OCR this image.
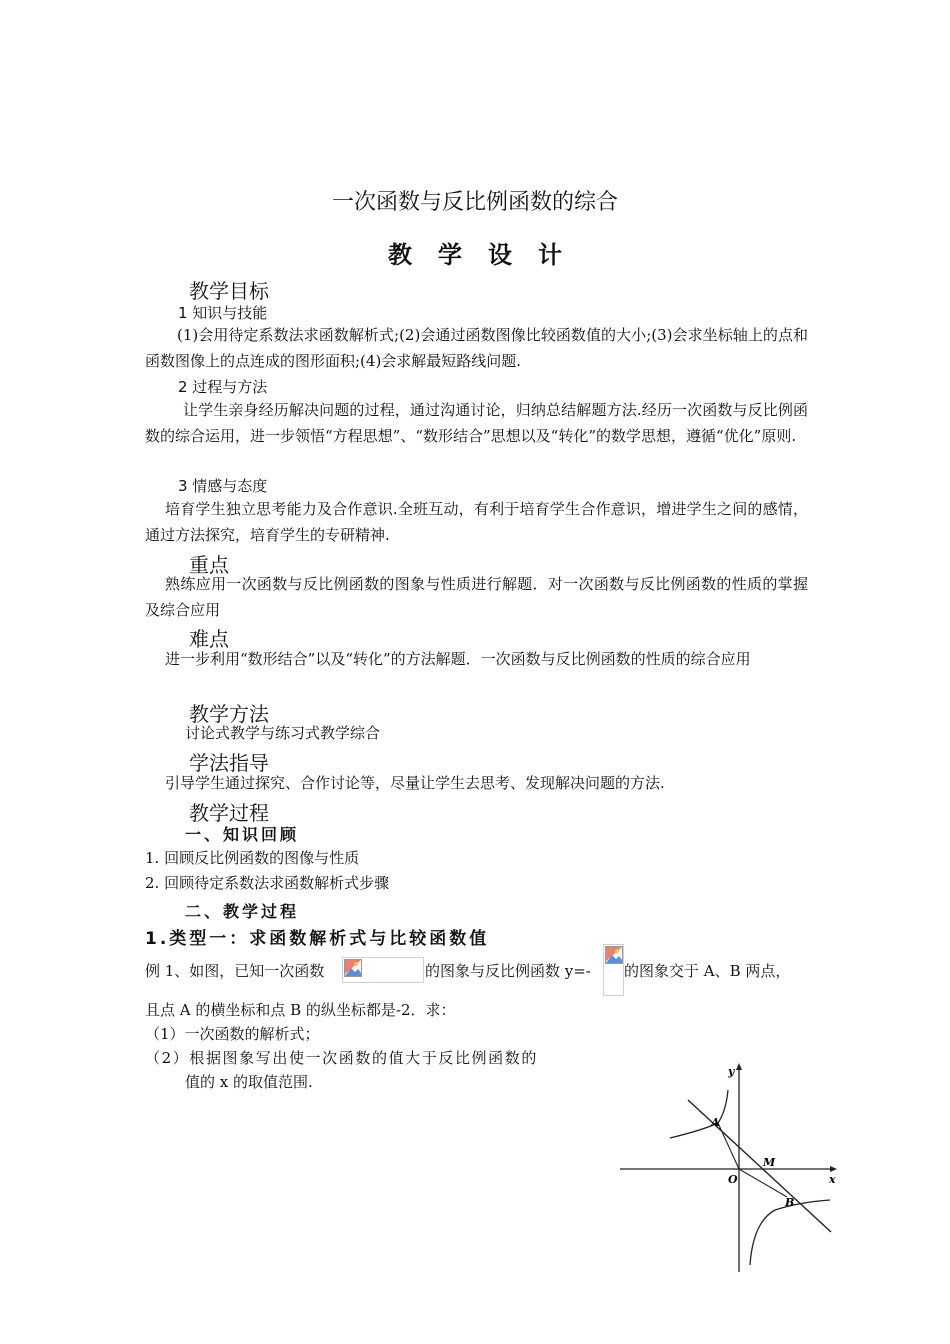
一次函数与反比例函数的综合
教学设计
教学目标
1 知识与技能
(1)会用待定系数法求函数解析式;(2)会通过函数图像比较函数值的大小;(3)会求坐标轴上的点和函数图像上的点连成的图形面积;(4)会求解最短路线问题.
2 过程与方法
让学生亲身经历解决问题的过程，通过沟通讨论，归纳总结解题方法.经历一次函数与反比例函数的综合运用，进一步领悟“方程思想”、“数形结合”思想以及“转化”的数学思想，遵循“优化”原则.
3 情感与态度
培育学生独立思考能力及合作意识.全班互动，有利于培育学生合作意识，增进学生之间的感情，通过方法探究，培育学生的专研精神.
重点
熟练应用一次函数与反比例函数的图象与性质进行解题．对一次函数与反比例函数的性质的掌握及综合应用
难点
进一步利用“数形结合”以及“转化”的方法解题．一次函数与反比例函数的性质的综合应用
教学方法
讨论式教学与练习式教学综合
学法指导
引导学生通过探究、合作讨论等，尽量让学生去思考、发现解决问题的方法.
教学过程
一、知识回顾
1. 回顾反比例函数的图像与性质
2. 回顾待定系数法求函数解析式步骤
二、教学过程
1.类型一：求函数解析式与比较函数值
例 1、如图，已知一次函数	的图象与反比例函数 y=- 的图象交于 A、B 两点，
且点 A 的横坐标和点 B 的纵坐标都是-2．求：
（1）一次函数的解析式；
（2）根据图象写出使一次函数的值大于反比例函数的
值的 x 的取值范围.
y
x
O
A
M
B
